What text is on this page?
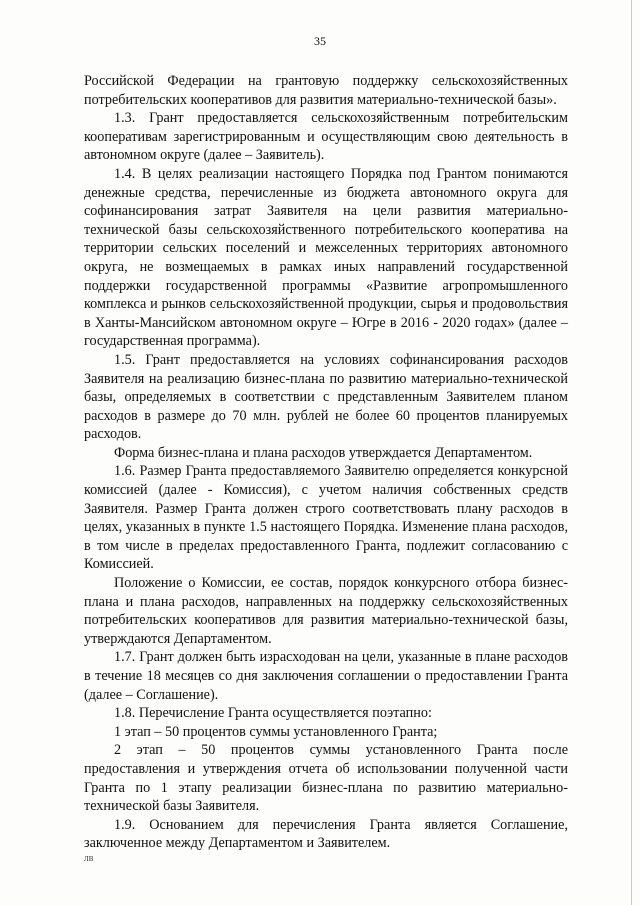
35

Российской Федерации на грантовую поддержку сельскохозяйственных потребительских кооперативов для развития материально-технической базы».

1.3. Грант предоставляется сельскохозяйственным потребительским кооперативам зарегистрированным и осуществляющим свою деятельность в автономном округе (далее – Заявитель).

1.4. В целях реализации настоящего Порядка под Грантом понимаются денежные средства, перечисленные из бюджета автономного округа для софинансирования затрат Заявителя на цели развития материально-технической базы сельскохозяйственного потребительского кооператива на территории сельских поселений и межселенных территориях автономного округа, не возмещаемых в рамках иных направлений государственной поддержки государственной программы «Развитие агропромышленного комплекса и рынков сельскохозяйственной продукции, сырья и продовольствия в Ханты-Мансийском автономном округе – Югре в 2016 - 2020 годах» (далее – государственная программа).

1.5. Грант предоставляется на условиях софинансирования расходов Заявителя на реализацию бизнес-плана по развитию материально-технической базы, определяемых в соответствии с представленным Заявителем планом расходов в размере до 70 млн. рублей не более 60 процентов планируемых расходов.

Форма бизнес-плана и плана расходов утверждается Департаментом.

1.6. Размер Гранта предоставляемого Заявителю определяется конкурсной комиссией (далее - Комиссия), с учетом наличия собственных средств Заявителя. Размер Гранта должен строго соответствовать плану расходов в целях, указанных в пункте 1.5 настоящего Порядка. Изменение плана расходов, в том числе в пределах предоставленного Гранта, подлежит согласованию с Комиссией.

Положение о Комиссии, ее состав, порядок конкурсного отбора бизнес-плана и плана расходов, направленных на поддержку сельскохозяйственных потребительских кооперативов для развития материально-технической базы, утверждаются Департаментом.

1.7. Грант должен быть израсходован на цели, указанные в плане расходов в течение 18 месяцев со дня заключения соглашении о предоставлении Гранта (далее – Соглашение).

1.8. Перечисление Гранта осуществляется поэтапно:

1 этап – 50 процентов суммы установленного Гранта;

2 этап – 50 процентов суммы установленного Гранта после предоставления и утверждения отчета об использовании полученной части Гранта по 1 этапу реализации бизнес-плана по развитию материально-технической базы Заявителя.

1.9. Основанием для перечисления Гранта является Соглашение, заключенное между Департаментом и Заявителем.

ЛВ
